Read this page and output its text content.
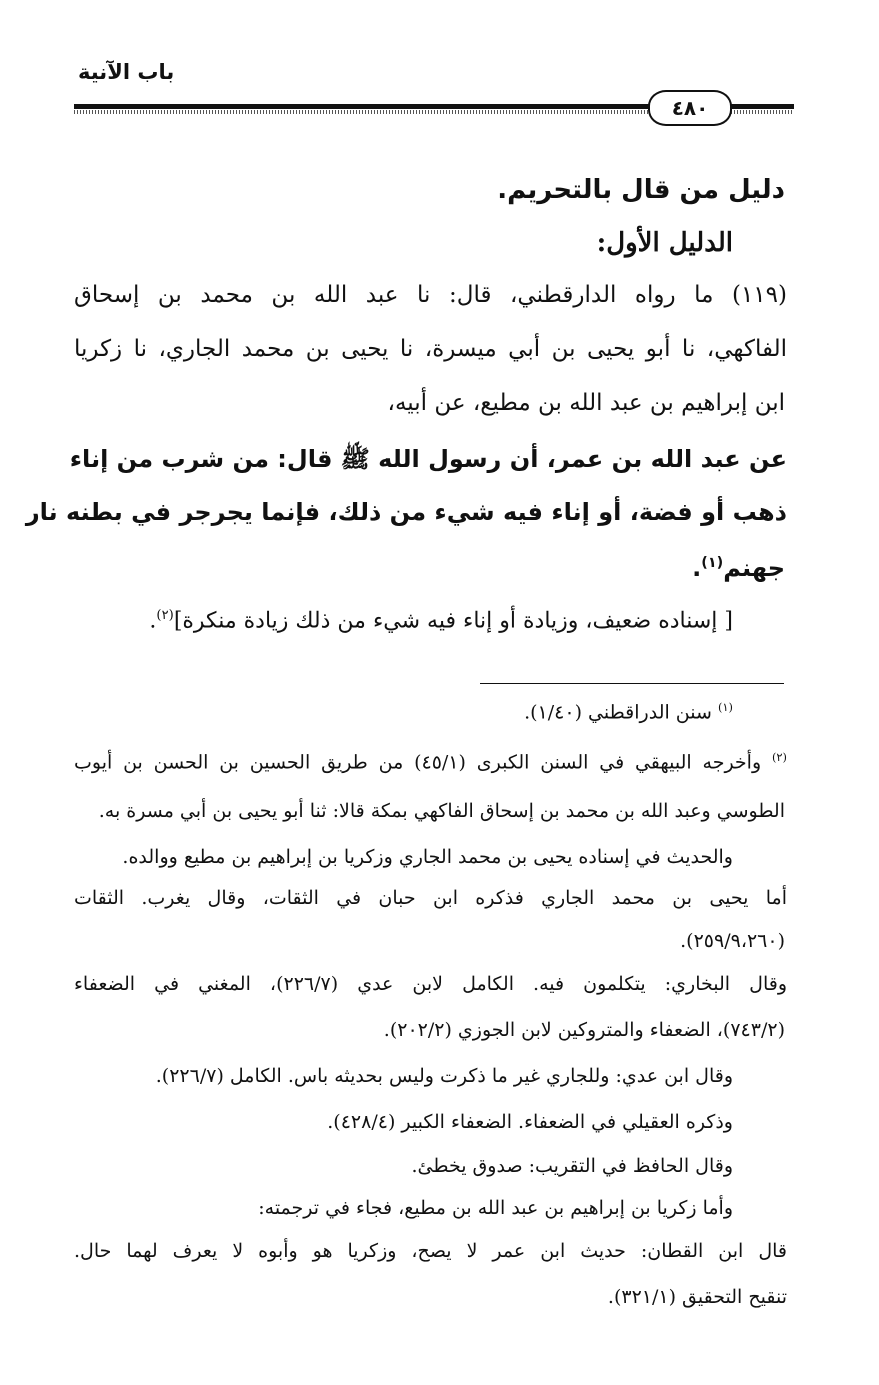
باب الآنية
٤٨٠
دليل من قال بالتحريم.
الدليل الأول:
(١١٩) ما رواه الدارقطني، قال: نا عبد الله بن محمد بن إسحاق
الفاكهي، نا أبو يحيى بن أبي ميسرة، نا يحيى بن محمد الجاري، نا زكريا
ابن إبراهيم بن عبد الله بن مطيع، عن أبيه،
عن عبد الله بن عمر، أن رسول الله ﷺ قال: من شرب من إناء
ذهب أو فضة، أو إناء فيه شيء من ذلك، فإنما يجرجر في بطنه نار
جهنم$^{(١)}$.
[ إسناده ضعيف، وزيادة أو إناء فيه شيء من ذلك زيادة منكرة]$^{(٢)}$.
$^{(١)}$ سنن الدراقطني (١/٤٠).
$^{(٢)}$ وأخرجه البيهقي في السنن الكبرى (٤٥/١) من طريق الحسين بن الحسن بن أيوب
الطوسي وعبد الله بن محمد بن إسحاق الفاكهي بمكة قالا: ثنا أبو يحيى بن أبي مسرة به.
والحديث في إسناده يحيى بن محمد الجاري وزكريا بن إبراهيم بن مطيع ووالده.
أما يحيى بن محمد الجاري فذكره ابن حبان في الثقات، وقال يغرب. الثقات
(٢٥٩/٩،٢٦٠).
وقال البخاري: يتكلمون فيه. الكامل لابن عدي (٢٢٦/٧)، المغني في الضعفاء
(٧٤٣/٢)، الضعفاء والمتروكين لابن الجوزي (٢٠٢/٢).
وقال ابن عدي: وللجاري غير ما ذكرت وليس بحديثه باس. الكامل (٢٢٦/٧).
وذكره العقيلي في الضعفاء. الضعفاء الكبير (٤٢٨/٤).
وقال الحافظ في التقريب: صدوق يخطئ.
وأما زكريا بن إبراهيم بن عبد الله بن مطيع، فجاء في ترجمته:
قال ابن القطان: حديث ابن عمر لا يصح، وزكريا هو وأبوه لا يعرف لهما حال.
تنقيح التحقيق (٣٢١/١).
